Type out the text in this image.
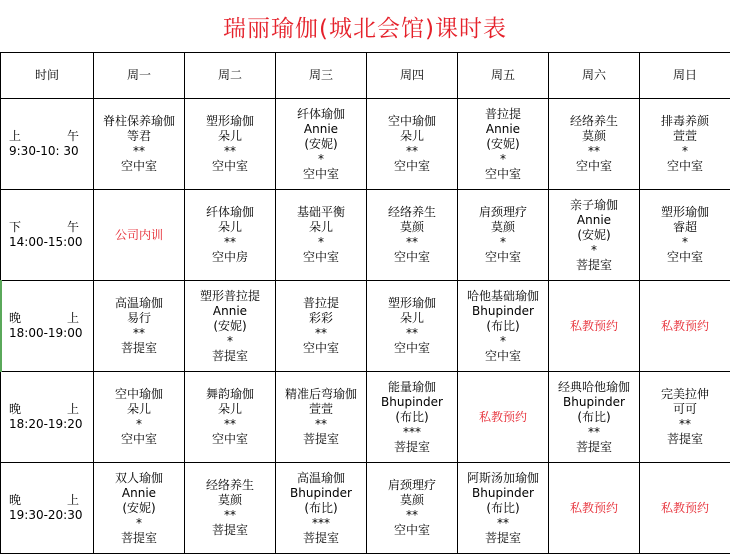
瑞丽瑜伽(城北会馆)课时表
时间	周一	周二	周三	周四	周五	周六	周日

上 午
9:30-10: 30	脊柱保养瑜伽
等君
**
空中室	塑形瑜伽
朵儿
**
空中室	纤体瑜伽
Annie
(安妮)
*
空中室	空中瑜伽
朵儿
**
空中室	普拉提
Annie
(安妮)
*
空中室	经络养生
莫颜
**
空中室	排毒养颜
萱萱
*
空中室

下 午
14:00-15:00	公司内训	纤体瑜伽
朵儿
**
空中房	基础平衡
朵儿
*
空中室	经络养生
莫颜
**
空中室	肩颈理疗
莫颜
*
空中室	亲子瑜伽
Annie
(安妮)
*
菩提室	塑形瑜伽
睿超
*
空中室

晚 上
18:00-19:00	高温瑜伽
易行
**
菩提室	塑形普拉提
Annie
(安妮)
*
菩提室	普拉提
彩彩
**
空中室	塑形瑜伽
朵儿
**
空中室	哈他基础瑜伽
Bhupinder
(布比)
*
空中室	私教预约	私教预约

晚 上
18:20-19:20	空中瑜伽
朵儿
*
空中室	舞韵瑜伽
朵儿
**
空中室	精准后弯瑜伽
萱萱
**
菩提室	能量瑜伽
Bhupinder
(布比)
***
菩提室	私教预约	经典哈他瑜伽
Bhupinder
(布比)
**
菩提室	完美拉伸
可可
**
菩提室

晚 上
19:30-20:30	双人瑜伽
Annie
(安妮)
*
菩提室	经络养生
莫颜
**
菩提室	高温瑜伽
Bhupinder
(布比)
***
菩提室	肩颈理疗
莫颜
**
空中室	阿斯汤加瑜伽
Bhupinder
(布比)
**
菩提室	私教预约	私教预约
